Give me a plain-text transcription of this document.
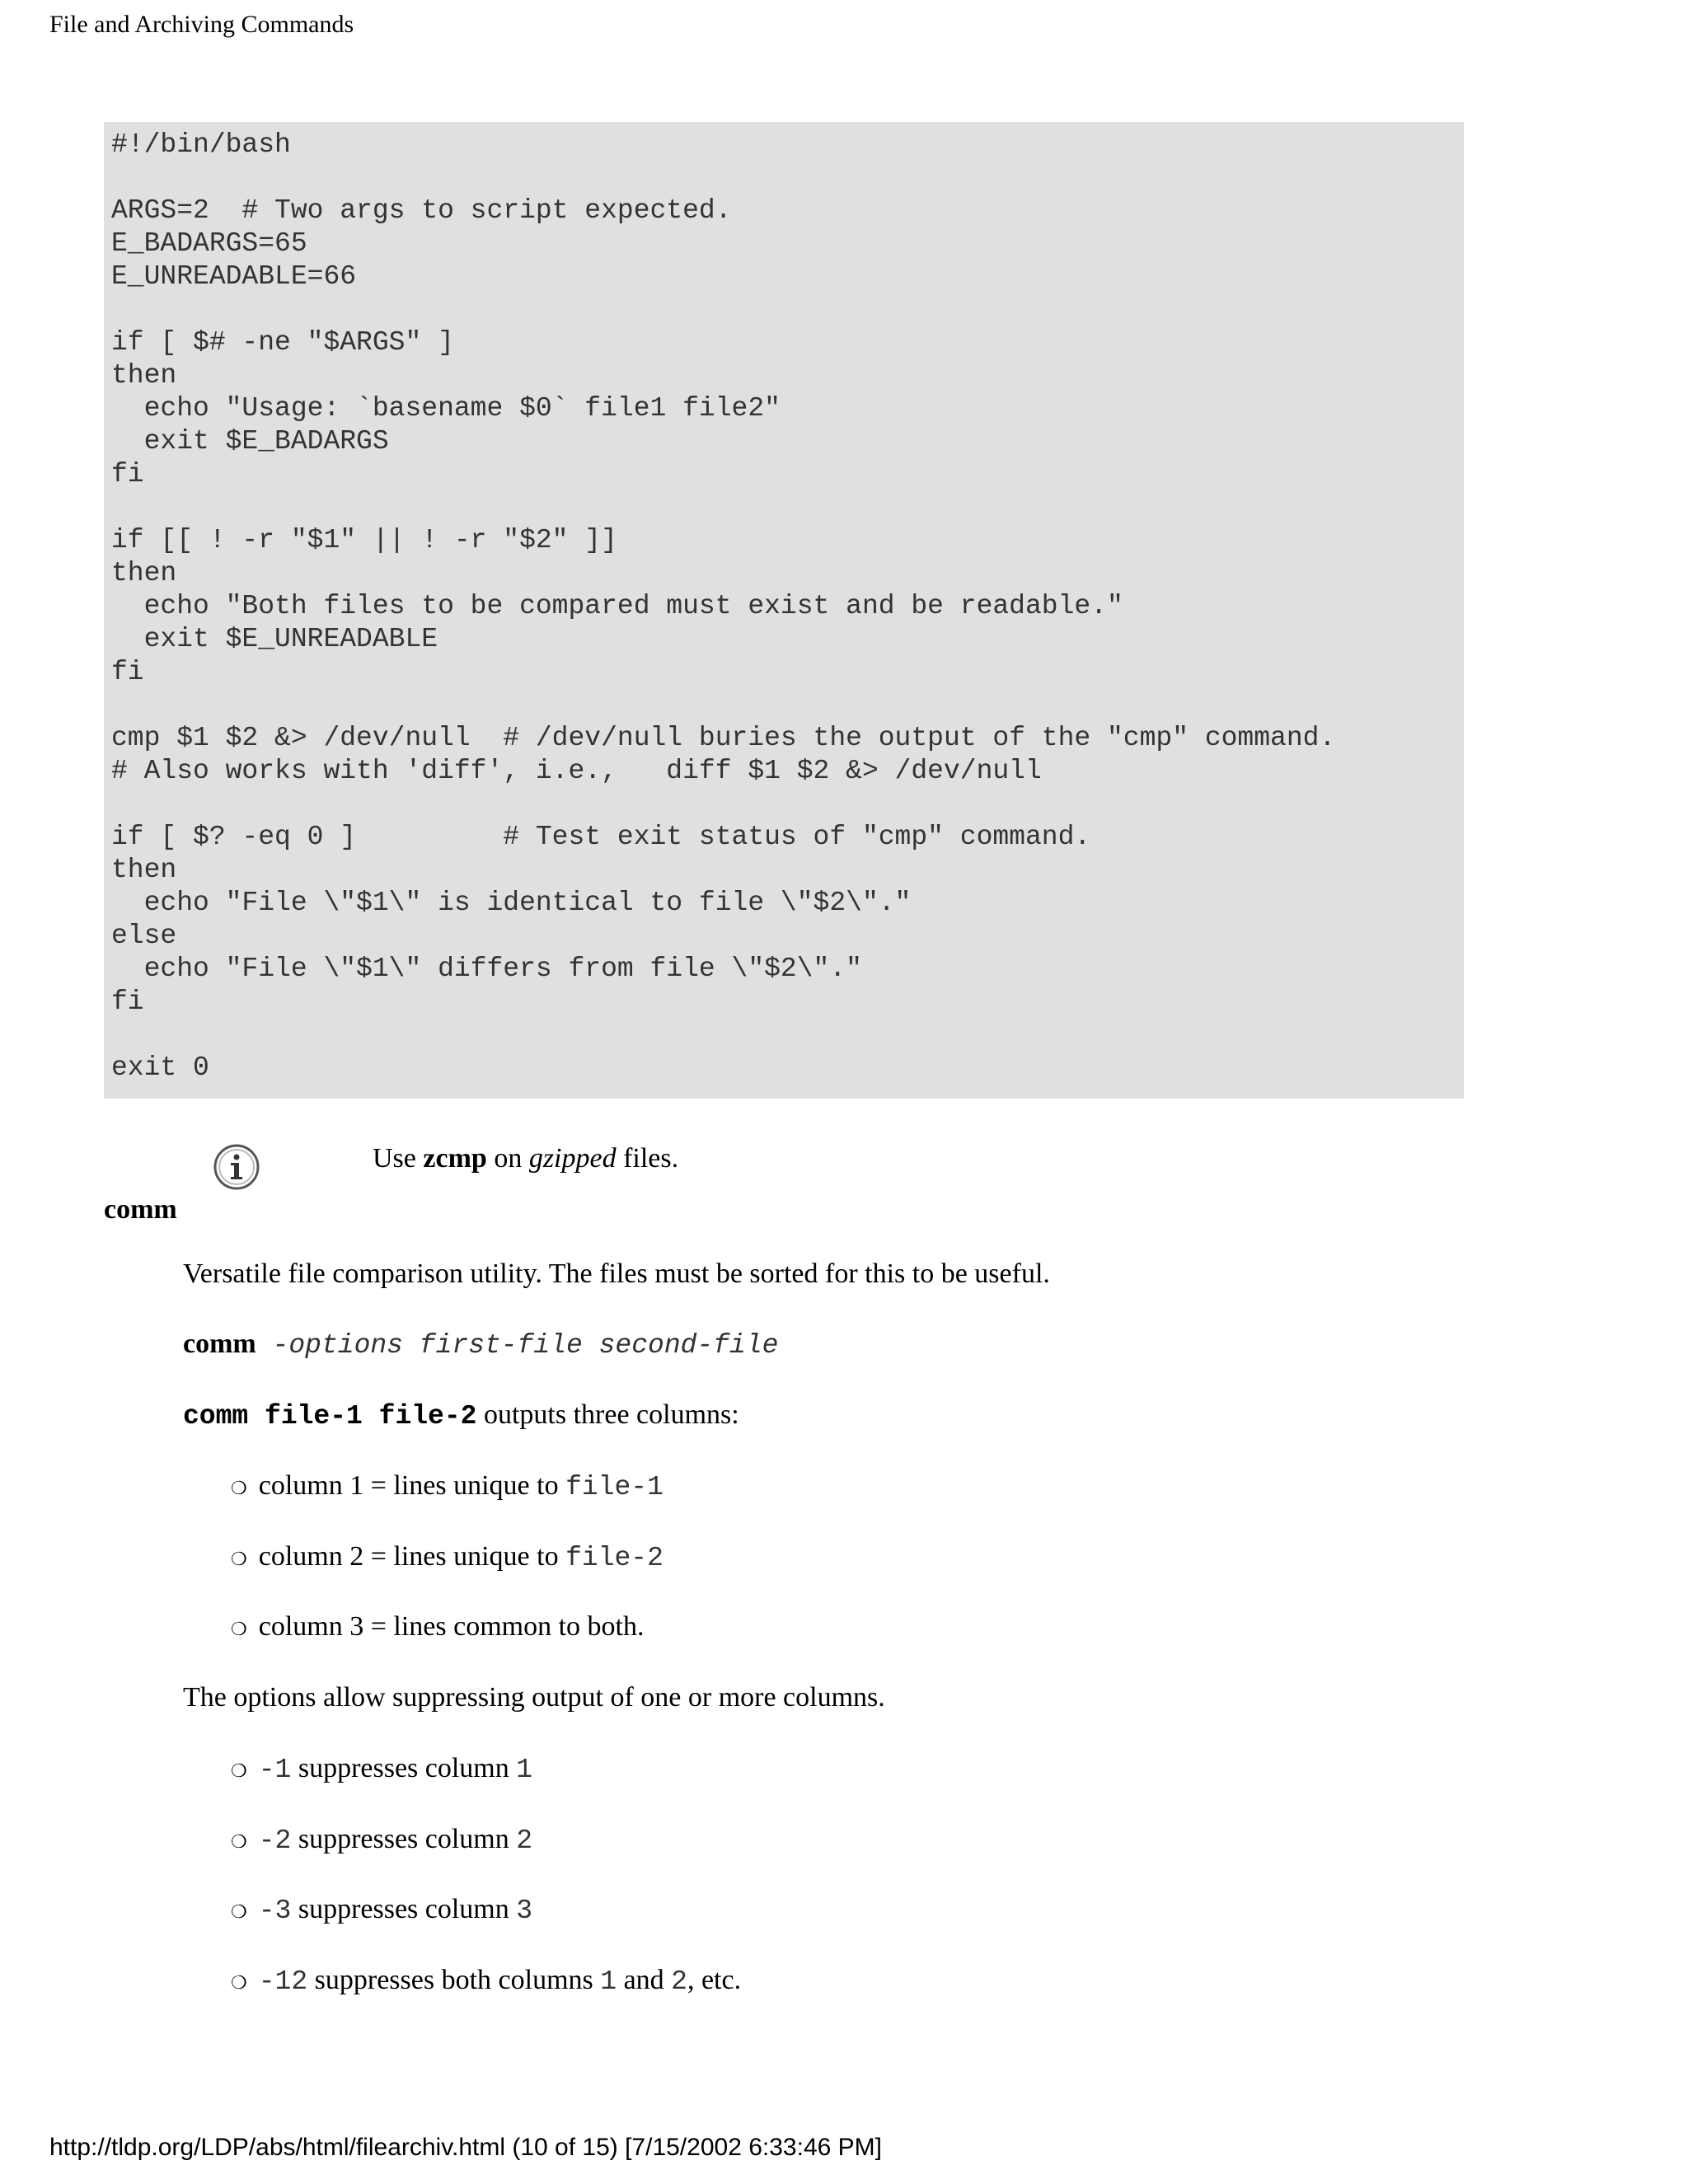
File and Archiving Commands
#!/bin/bash

ARGS=2  # Two args to script expected.
E_BADARGS=65
E_UNREADABLE=66

if [ $# -ne "$ARGS" ]
then
echo "Usage: `basename $0` file1 file2"
exit $E_BADARGS
fi

if [[ ! -r "$1" || ! -r "$2" ]]
then
echo "Both files to be compared must exist and be readable."
exit $E_UNREADABLE
fi

cmp $1 $2 &> /dev/null  # /dev/null buries the output of the "cmp" command.
# Also works with 'diff', i.e.,   diff $1 $2 &> /dev/null

if [ $? -eq 0 ]         # Test exit status of "cmp" command.
then
echo "File \"$1\" is identical to file \"$2\"."
else
echo "File \"$1\" differs from file \"$2\"."
fi

exit 0
Use zcmp on gzipped files.
comm
Versatile file comparison utility. The files must be sorted for this to be useful.
comm -options first-file second-file
comm file-1 file-2 outputs three columns:
❍ column 1 = lines unique to file-1
❍ column 2 = lines unique to file-2
❍ column 3 = lines common to both.
The options allow suppressing output of one or more columns.
❍ -1 suppresses column 1
❍ -2 suppresses column 2
❍ -3 suppresses column 3
❍ -12 suppresses both columns 1 and 2, etc.
http://tldp.org/LDP/abs/html/filearchiv.html (10 of 15) [7/15/2002 6:33:46 PM]
